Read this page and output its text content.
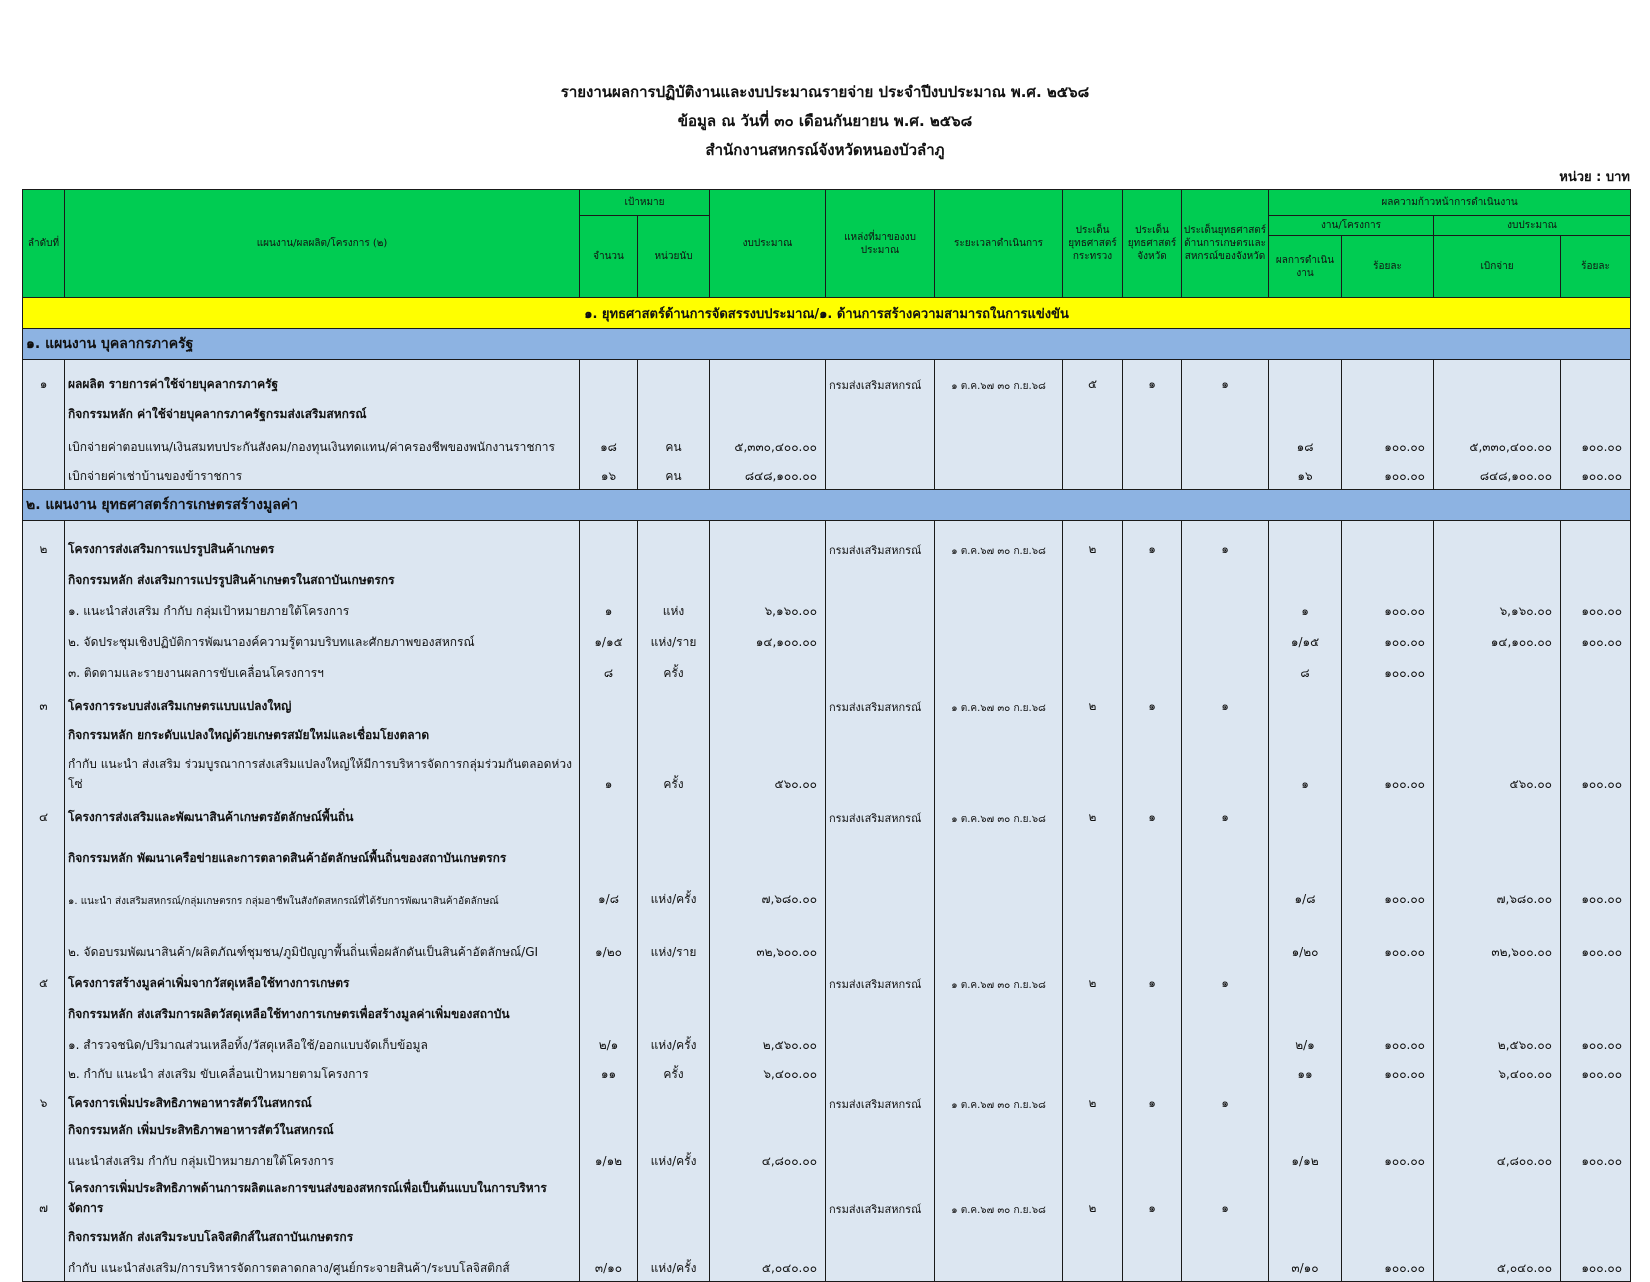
รายงานผลการปฏิบัติงานและงบประมาณรายจ่าย ประจำปีงบประมาณ พ.ศ. ๒๕๖๘
ข้อมูล ณ วันที่ ๓๐ เดือนกันยายน พ.ศ. ๒๕๖๘
สำนักงานสหกรณ์จังหวัดหนองบัวลำภู
หน่วย : บาท
ลำดับที่	แผนงาน/ผลผลิต/โครงการ (๒)	เป้าหมาย		งบประมาณ	แหล่งที่มาของงบประมาณ	ระยะเวลาดำเนินการ	ประเด็นยุทธศาสตร์กระทรวง	ประเด็นยุทธศาสตร์จังหวัด	ประเด็นยุทธศาสตร์ด้านการเกษตรและสหกรณ์ของจังหวัด	ผลความก้าวหน้าการดำเนินงาน			
		จำนวน	หน่วยนับ							งาน/โครงการ		งบประมาณ	
										ผลการดำเนินงาน	ร้อยละ	เบิกจ่าย	ร้อยละ
๑. ยุทธศาสตร์ด้านการจัดสรรงบประมาณ/๑. ด้านการสร้างความสามารถในการแข่งขัน													
๑. แผนงาน บุคลากรภาครัฐ													
๑	ผลผลิต รายการค่าใช้จ่ายบุคลากรภาครัฐ				กรมส่งเสริมสหกรณ์	๑ ต.ค.๖๗ ๓๐ ก.ย.๖๘	๕	๑	๑				
	กิจกรรมหลัก ค่าใช้จ่ายบุคลากรภาครัฐกรมส่งเสริมสหกรณ์												
	เบิกจ่ายค่าตอบแทน/เงินสมทบประกันสังคม/กองทุนเงินทดแทน/ค่าครองชีพของพนักงานราชการ	๑๘	คน	๕,๓๓๐,๔๐๐.๐๐						๑๘	๑๐๐.๐๐	๕,๓๓๐,๔๐๐.๐๐	๑๐๐.๐๐
	เบิกจ่ายค่าเช่าบ้านของข้าราชการ	๑๖	คน	๘๔๘,๑๐๐.๐๐						๑๖	๑๐๐.๐๐	๘๔๘,๑๐๐.๐๐	๑๐๐.๐๐
๒. แผนงาน ยุทธศาสตร์การเกษตรสร้างมูลค่า													
๒	โครงการส่งเสริมการแปรรูปสินค้าเกษตร				กรมส่งเสริมสหกรณ์	๑ ต.ค.๖๗ ๓๐ ก.ย.๖๘	๒	๑	๑				
	กิจกรรมหลัก ส่งเสริมการแปรรูปสินค้าเกษตรในสถาบันเกษตรกร												
	๑. แนะนำส่งเสริม กำกับ กลุ่มเป้าหมายภายใต้โครงการ	๑	แห่ง	๖,๑๖๐.๐๐						๑	๑๐๐.๐๐	๖,๑๖๐.๐๐	๑๐๐.๐๐
	๒. จัดประชุมเชิงปฏิบัติการพัฒนาองค์ความรู้ตามบริบทและศักยภาพของสหกรณ์	๑/๑๕	แห่ง/ราย	๑๔,๑๐๐.๐๐						๑/๑๕	๑๐๐.๐๐	๑๔,๑๐๐.๐๐	๑๐๐.๐๐
	๓. ติดตามและรายงานผลการขับเคลื่อนโครงการฯ	๘	ครั้ง							๘	๑๐๐.๐๐		
๓	โครงการระบบส่งเสริมเกษตรแบบแปลงใหญ่				กรมส่งเสริมสหกรณ์	๑ ต.ค.๖๗ ๓๐ ก.ย.๖๘	๒	๑	๑				
	กิจกรรมหลัก ยกระดับแปลงใหญ่ด้วยเกษตรสมัยใหม่และเชื่อมโยงตลาด												
	กำกับ แนะนำ ส่งเสริม ร่วมบูรณาการส่งเสริมแปลงใหญ่ให้มีการบริหารจัดการกลุ่มร่วมกันตลอดห่วงโซ่	๑	ครั้ง	๕๖๐.๐๐						๑	๑๐๐.๐๐	๕๖๐.๐๐	๑๐๐.๐๐
๔	โครงการส่งเสริมและพัฒนาสินค้าเกษตรอัตลักษณ์พื้นถิ่น				กรมส่งเสริมสหกรณ์	๑ ต.ค.๖๗ ๓๐ ก.ย.๖๘	๒	๑	๑				
	กิจกรรมหลัก พัฒนาเครือข่ายและการตลาดสินค้าอัตลักษณ์พื้นถิ่นของสถาบันเกษตรกร												
	๑. แนะนำ ส่งเสริมสหกรณ์/กลุ่มเกษตรกร กลุ่มอาชีพในสังกัดสหกรณ์ที่ได้รับการพัฒนาสินค้าอัตลักษณ์	๑/๘	แห่ง/ครั้ง	๗,๖๘๐.๐๐						๑/๘	๑๐๐.๐๐	๗,๖๘๐.๐๐	๑๐๐.๐๐
	๒. จัดอบรมพัฒนาสินค้า/ผลิตภัณฑ์ชุมชน/ภูมิปัญญาพื้นถิ่นเพื่อผลักดันเป็นสินค้าอัตลักษณ์/GI	๑/๒๐	แห่ง/ราย	๓๒,๖๐๐.๐๐						๑/๒๐	๑๐๐.๐๐	๓๒,๖๐๐.๐๐	๑๐๐.๐๐
๕	โครงการสร้างมูลค่าเพิ่มจากวัสดุเหลือใช้ทางการเกษตร				กรมส่งเสริมสหกรณ์	๑ ต.ค.๖๗ ๓๐ ก.ย.๖๘	๒	๑	๑				
	กิจกรรมหลัก ส่งเสริมการผลิตวัสดุเหลือใช้ทางการเกษตรเพื่อสร้างมูลค่าเพิ่มของสถาบัน												
	๑. สำรวจชนิด/ปริมาณส่วนเหลือทิ้ง/วัสดุเหลือใช้/ออกแบบจัดเก็บข้อมูล	๒/๑	แห่ง/ครั้ง	๒,๕๖๐.๐๐						๒/๑	๑๐๐.๐๐	๒,๕๖๐.๐๐	๑๐๐.๐๐
	๒. กำกับ แนะนำ ส่งเสริม ขับเคลื่อนเป้าหมายตามโครงการ	๑๑	ครั้ง	๖,๔๐๐.๐๐						๑๑	๑๐๐.๐๐	๖,๔๐๐.๐๐	๑๐๐.๐๐
๖	โครงการเพิ่มประสิทธิภาพอาหารสัตว์ในสหกรณ์				กรมส่งเสริมสหกรณ์	๑ ต.ค.๖๗ ๓๐ ก.ย.๖๘	๒	๑	๑				
	กิจกรรมหลัก เพิ่มประสิทธิภาพอาหารสัตว์ในสหกรณ์												
	แนะนำส่งเสริม กำกับ กลุ่มเป้าหมายภายใต้โครงการ	๑/๑๒	แห่ง/ครั้ง	๔,๘๐๐.๐๐						๑/๑๒	๑๐๐.๐๐	๔,๘๐๐.๐๐	๑๐๐.๐๐
๗	โครงการเพิ่มประสิทธิภาพด้านการผลิตและการขนส่งของสหกรณ์เพื่อเป็นต้นแบบในการบริหารจัดการ				กรมส่งเสริมสหกรณ์	๑ ต.ค.๖๗ ๓๐ ก.ย.๖๘	๒	๑	๑				
	กิจกรรมหลัก ส่งเสริมระบบโลจิสติกส์ในสถาบันเกษตรกร												
	กำกับ แนะนำส่งเสริม/การบริหารจัดการตลาดกลาง/ศูนย์กระจายสินค้า/ระบบโลจิสติกส์	๓/๑๐	แห่ง/ครั้ง	๕,๐๔๐.๐๐						๓/๑๐	๑๐๐.๐๐	๕,๐๔๐.๐๐	๑๐๐.๐๐
